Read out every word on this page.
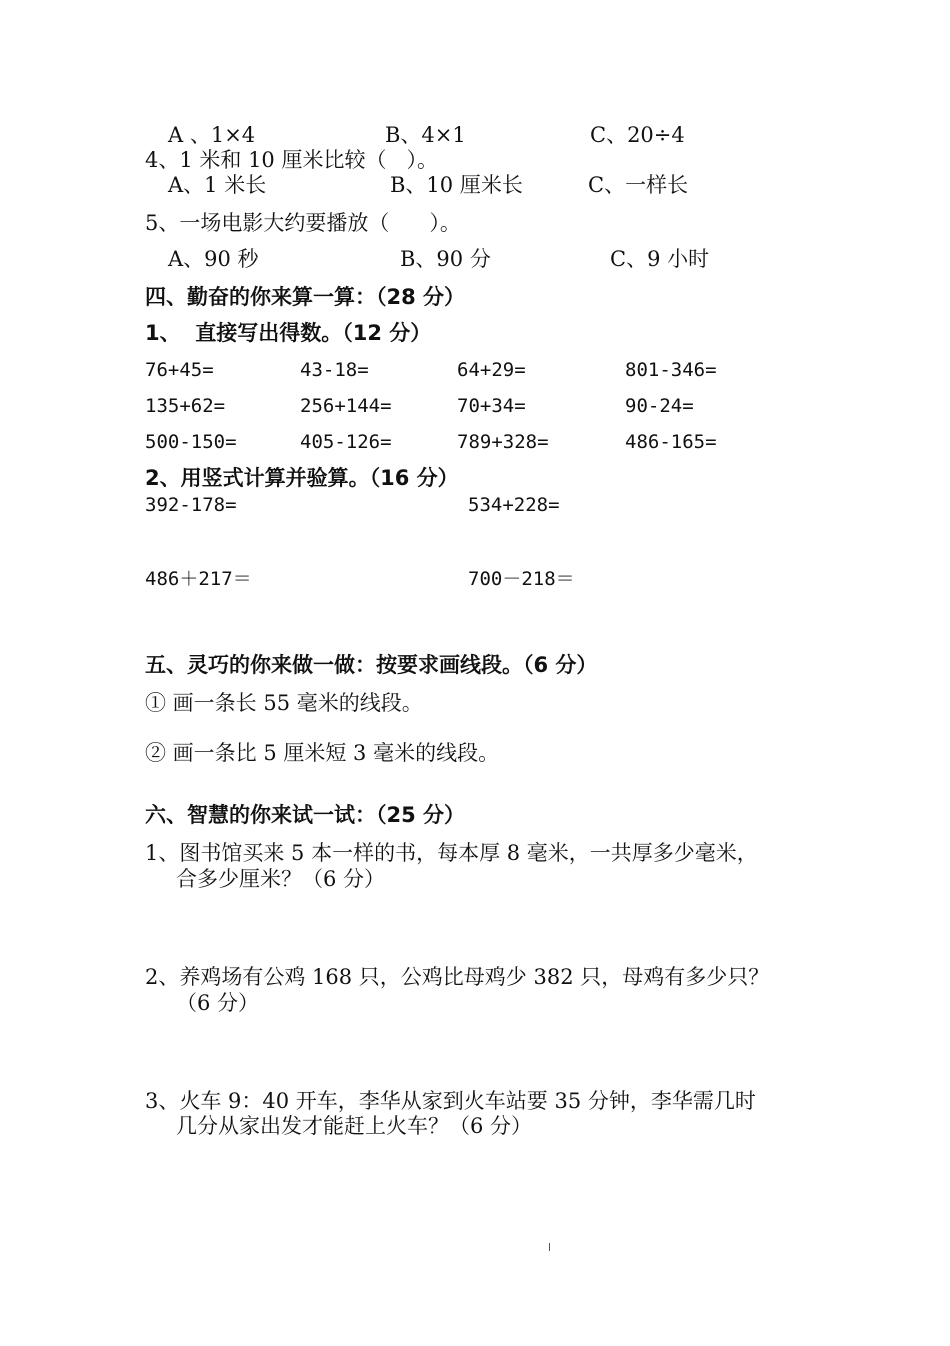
A 、1×4	B、4×1	C、20÷4
4、1 米和 10 厘米比较（   ）。
A、1 米长	B、10 厘米长	C、一样长
5、一场电影大约要播放（      ）。
A、90 秒	B、90 分	C、9 小时
四、勤奋的你来算一算：（28 分）
1、  直接写出得数。（12 分）
76+45=	43-18=	64+29=	801-346=
135+62=	256+144=	70+34=	90-24=
500-150=	405-126=	789+328=	486-165=
2、用竖式计算并验算。（16 分）
392-178=	534+228=
486＋217＝	700－218＝
五、灵巧的你来做一做：按要求画线段。（6 分）
① 画一条长 55 毫米的线段。
② 画一条比 5 厘米短 3 毫米的线段。
六、智慧的你来试一试：（25 分）
1、图书馆买来 5 本一样的书，每本厚 8 毫米，一共厚多少毫米，
合多少厘米？（6 分）
2、养鸡场有公鸡 168 只，公鸡比母鸡少 382 只，母鸡有多少只？
（6 分）
3、火车 9：40 开车，李华从家到火车站要 35 分钟，李华需几时
几分从家出发才能赶上火车？（6 分）
